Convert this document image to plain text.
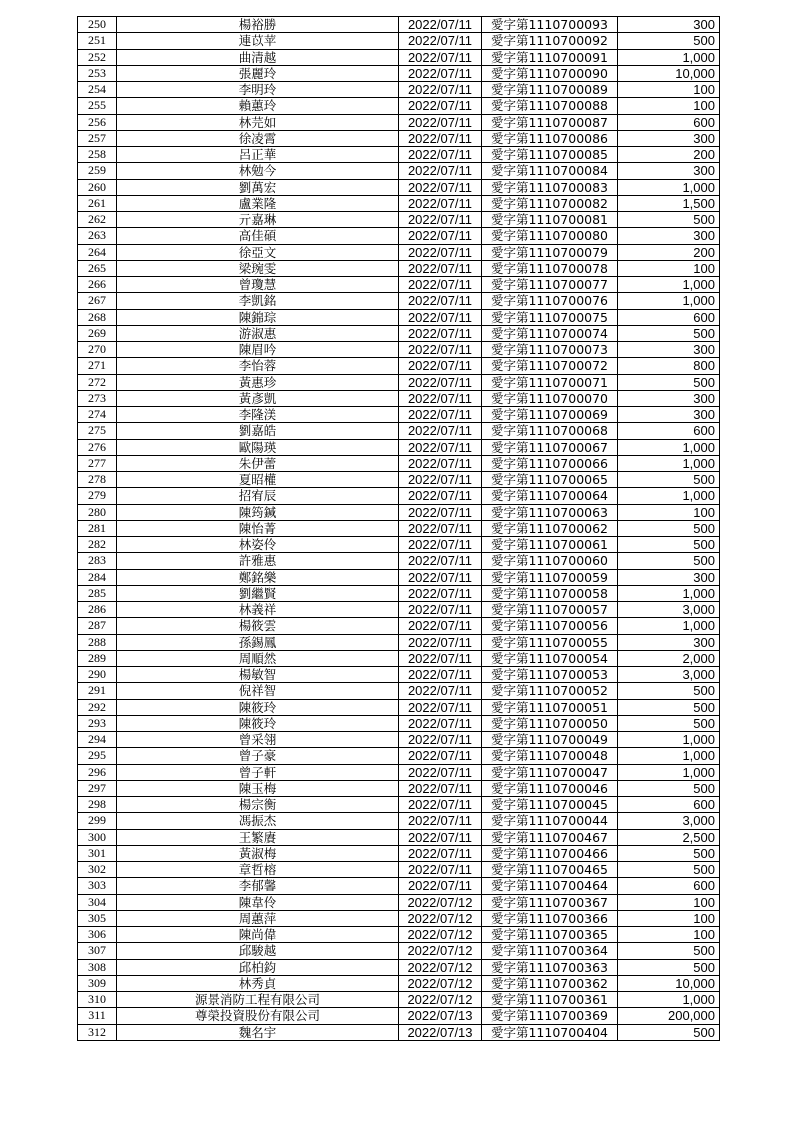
250	楊裕勝	2022/07/11	愛字第1110700093	300
251	連苡苹	2022/07/11	愛字第1110700092	500
252	曲清越	2022/07/11	愛字第1110700091	1,000
253	張麗玲	2022/07/11	愛字第1110700090	10,000
254	李明玲	2022/07/11	愛字第1110700089	100
255	賴蕙玲	2022/07/11	愛字第1110700088	100
256	林芫如	2022/07/11	愛字第1110700087	600
257	徐凌霄	2022/07/11	愛字第1110700086	300
258	呂正華	2022/07/11	愛字第1110700085	200
259	林勉今	2022/07/11	愛字第1110700084	300
260	劉萬宏	2022/07/11	愛字第1110700083	1,000
261	盧業隆	2022/07/11	愛字第1110700082	1,500
262	亓嘉琳	2022/07/11	愛字第1110700081	500
263	高佳碩	2022/07/11	愛字第1110700080	300
264	徐亞文	2022/07/11	愛字第1110700079	200
265	梁琬雯	2022/07/11	愛字第1110700078	100
266	曾瓊慧	2022/07/11	愛字第1110700077	1,000
267	李凱銘	2022/07/11	愛字第1110700076	1,000
268	陳錦琮	2022/07/11	愛字第1110700075	600
269	游淑惠	2022/07/11	愛字第1110700074	500
270	陳眉吟	2022/07/11	愛字第1110700073	300
271	李怡蓉	2022/07/11	愛字第1110700072	800
272	黃惠珍	2022/07/11	愛字第1110700071	500
273	黃彥凱	2022/07/11	愛字第1110700070	300
274	李隆渼	2022/07/11	愛字第1110700069	300
275	劉嘉皓	2022/07/11	愛字第1110700068	600
276	歐陽瑛	2022/07/11	愛字第1110700067	1,000
277	朱伊蕾	2022/07/11	愛字第1110700066	1,000
278	夏昭權	2022/07/11	愛字第1110700065	500
279	招宥辰	2022/07/11	愛字第1110700064	1,000
280	陳筠鍼	2022/07/11	愛字第1110700063	100
281	陳怡菁	2022/07/11	愛字第1110700062	500
282	林姿伶	2022/07/11	愛字第1110700061	500
283	許雅惠	2022/07/11	愛字第1110700060	500
284	鄭銘樂	2022/07/11	愛字第1110700059	300
285	劉繼賢	2022/07/11	愛字第1110700058	1,000
286	林義祥	2022/07/11	愛字第1110700057	3,000
287	楊筱雲	2022/07/11	愛字第1110700056	1,000
288	孫錫鳳	2022/07/11	愛字第1110700055	300
289	周順然	2022/07/11	愛字第1110700054	2,000
290	楊敏智	2022/07/11	愛字第1110700053	3,000
291	倪祥智	2022/07/11	愛字第1110700052	500
292	陳筱玲	2022/07/11	愛字第1110700051	500
293	陳筱玲	2022/07/11	愛字第1110700050	500
294	曾采翎	2022/07/11	愛字第1110700049	1,000
295	曾子豪	2022/07/11	愛字第1110700048	1,000
296	曾子軒	2022/07/11	愛字第1110700047	1,000
297	陳玉梅	2022/07/11	愛字第1110700046	500
298	楊宗衡	2022/07/11	愛字第1110700045	600
299	馮振杰	2022/07/11	愛字第1110700044	3,000
300	王繁賡	2022/07/11	愛字第1110700467	2,500
301	黃淑梅	2022/07/11	愛字第1110700466	500
302	章哲榕	2022/07/11	愛字第1110700465	500
303	李郁馨	2022/07/11	愛字第1110700464	600
304	陳韋伶	2022/07/12	愛字第1110700367	100
305	周蕙萍	2022/07/12	愛字第1110700366	100
306	陳尚偉	2022/07/12	愛字第1110700365	100
307	邱駿越	2022/07/12	愛字第1110700364	500
308	邱柏鈞	2022/07/12	愛字第1110700363	500
309	林秀貞	2022/07/12	愛字第1110700362	10,000
310	源景消防工程有限公司	2022/07/12	愛字第1110700361	1,000
311	尊榮投資股份有限公司	2022/07/13	愛字第1110700369	200,000
312	魏名宇	2022/07/13	愛字第1110700404	500
